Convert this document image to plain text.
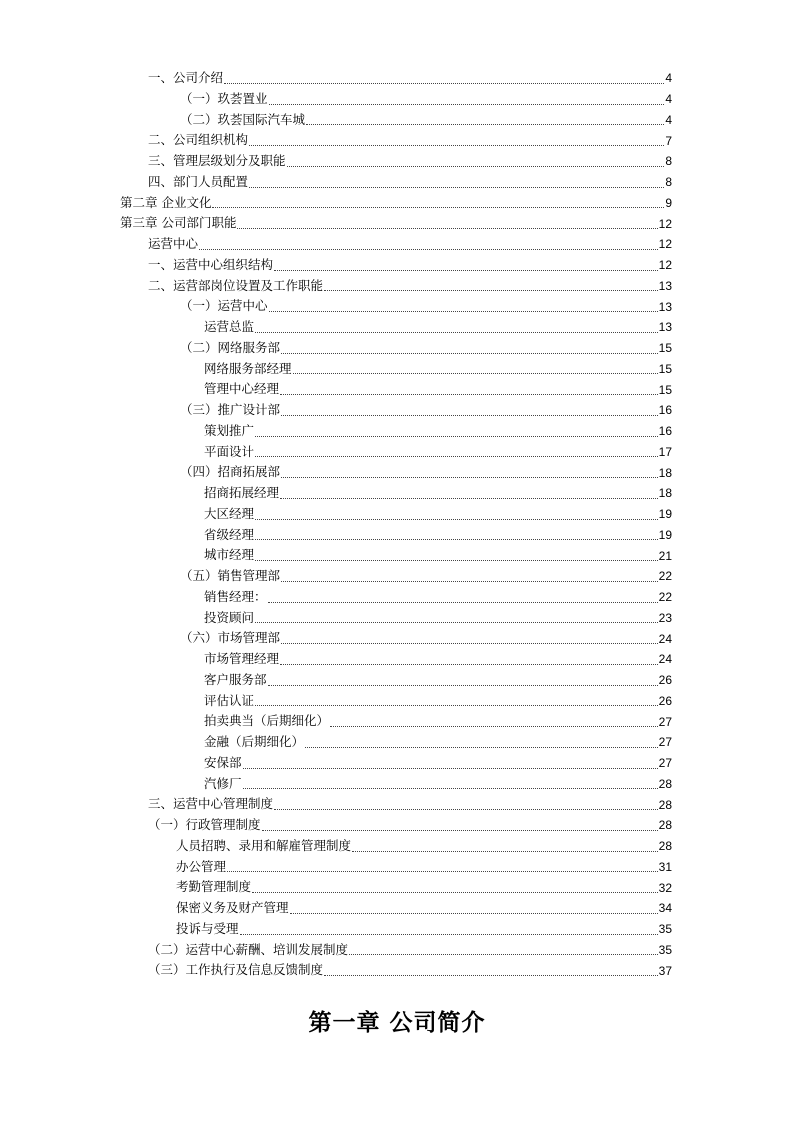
一、公司介绍	4
（一）玖荟置业	4
（二）玖荟国际汽车城	4
二、公司组织机构	7
三、管理层级划分及职能	8
四、部门人员配置	8
第二章 企业文化	9
第三章 公司部门职能	12
运营中心	12
一、运营中心组织结构	12
二、运营部岗位设置及工作职能	13
（一）运营中心	13
运营总监	13
（二）网络服务部	15
网络服务部经理	15
管理中心经理	15
（三）推广设计部	16
策划推广	16
平面设计	17
（四）招商拓展部	18
招商拓展经理	18
大区经理	19
省级经理	19
城市经理	21
（五）销售管理部	22
销售经理：	22
投资顾问	23
（六）市场管理部	24
市场管理经理	24
客户服务部	26
评估认证	26
拍卖典当（后期细化）	27
金融（后期细化）	27
安保部	27
汽修厂	28
三、运营中心管理制度	28
（一）行政管理制度	28
人员招聘、录用和解雇管理制度	28
办公管理	31
考勤管理制度	32
保密义务及财产管理	34
投诉与受理	35
（二）运营中心薪酬、培训发展制度	35
（三）工作执行及信息反馈制度	37
第一章 公司简介
